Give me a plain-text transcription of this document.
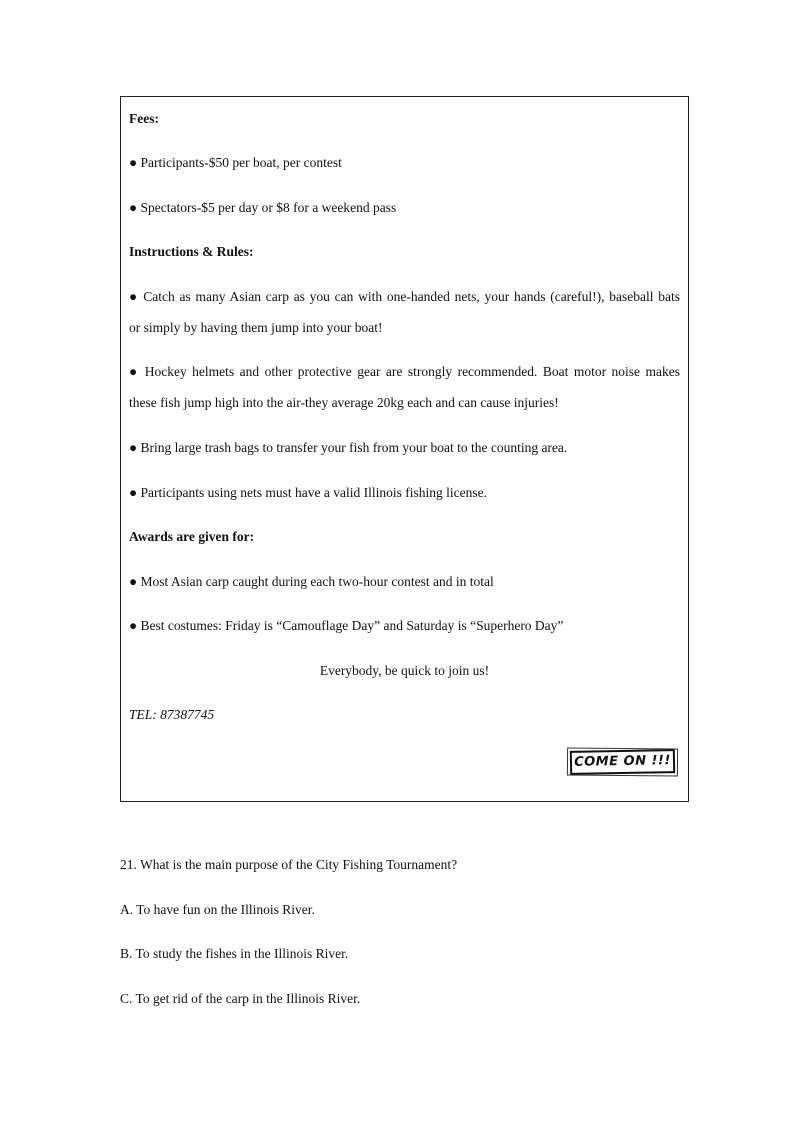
Fees:
● Participants-$50 per boat, per contest
● Spectators-$5 per day or $8 for a weekend pass
Instructions & Rules:
● Catch as many Asian carp as you can with one-handed nets, your hands (careful!), baseball bats
or simply by having them jump into your boat!
● Hockey helmets and other protective gear are strongly recommended. Boat motor noise makes
these fish jump high into the air-they average 20kg each and can cause injuries!
● Bring large trash bags to transfer your fish from your boat to the counting area.
● Participants using nets must have a valid Illinois fishing license.
Awards are given for:
● Most Asian carp caught during each two-hour contest and in total
● Best costumes: Friday is “Camouflage Day” and Saturday is “Superhero Day”
Everybody, be quick to join us!
TEL: 87387745
COME ON !!!
21. What is the main purpose of the City Fishing Tournament?
A. To have fun on the Illinois River.
B. To study the fishes in the Illinois River.
C. To get rid of the carp in the Illinois River.
